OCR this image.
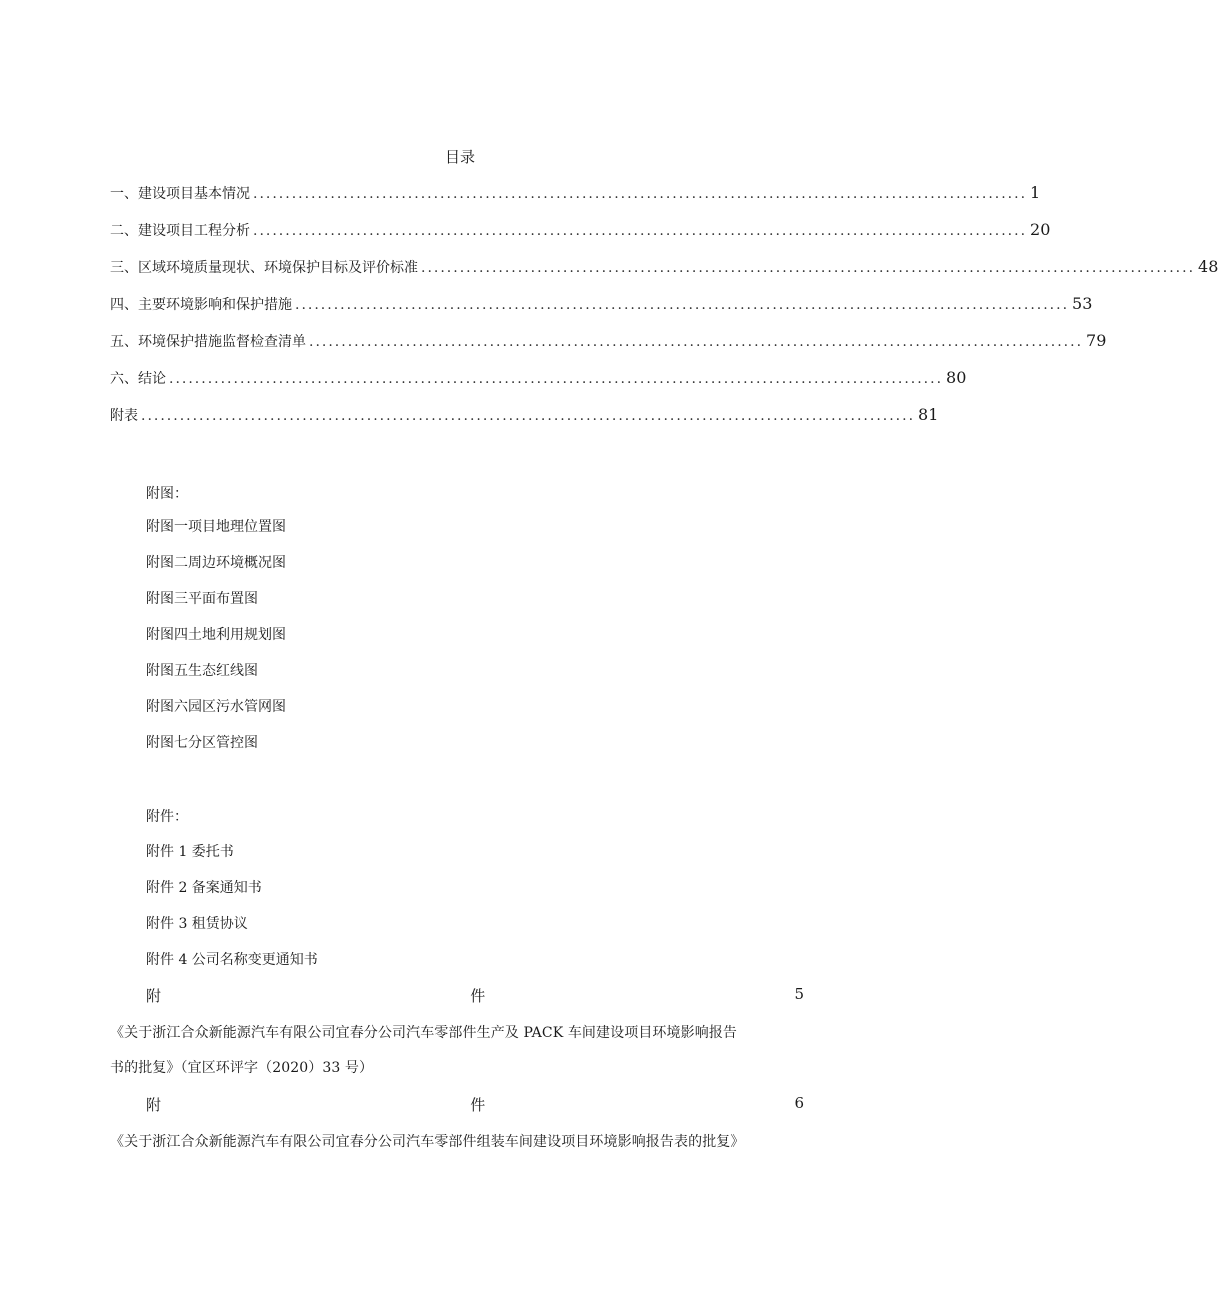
目录
一、建设项目基本情况 ........................................................................................................................ 1
二、建设项目工程分析 ........................................................................................................................ 20
三、区域环境质量现状、环境保护目标及评价标准 ........................................................................................................................ 48
四、主要环境影响和保护措施 ........................................................................................................................ 53
五、环境保护措施监督检查清单 ........................................................................................................................ 79
六、结论 ........................................................................................................................ 80
附表 ........................................................................................................................ 81
附图：
附图一项目地理位置图
附图二周边环境概况图
附图三平面布置图
附图四土地利用规划图
附图五生态红线图
附图六园区污水管网图
附图七分区管控图
附件：
附件 1 委托书
附件 2 备案通知书
附件 3 租赁协议
附件 4 公司名称变更通知书
附	件	5
《关于浙江合众新能源汽车有限公司宜春分公司汽车零部件生产及 PACK 车间建设项目环境影响报告
书的批复》（宜区环评字（2020）33 号）
附	件	6
《关于浙江合众新能源汽车有限公司宜春分公司汽车零部件组装车间建设项目环境影响报告表的批复》
